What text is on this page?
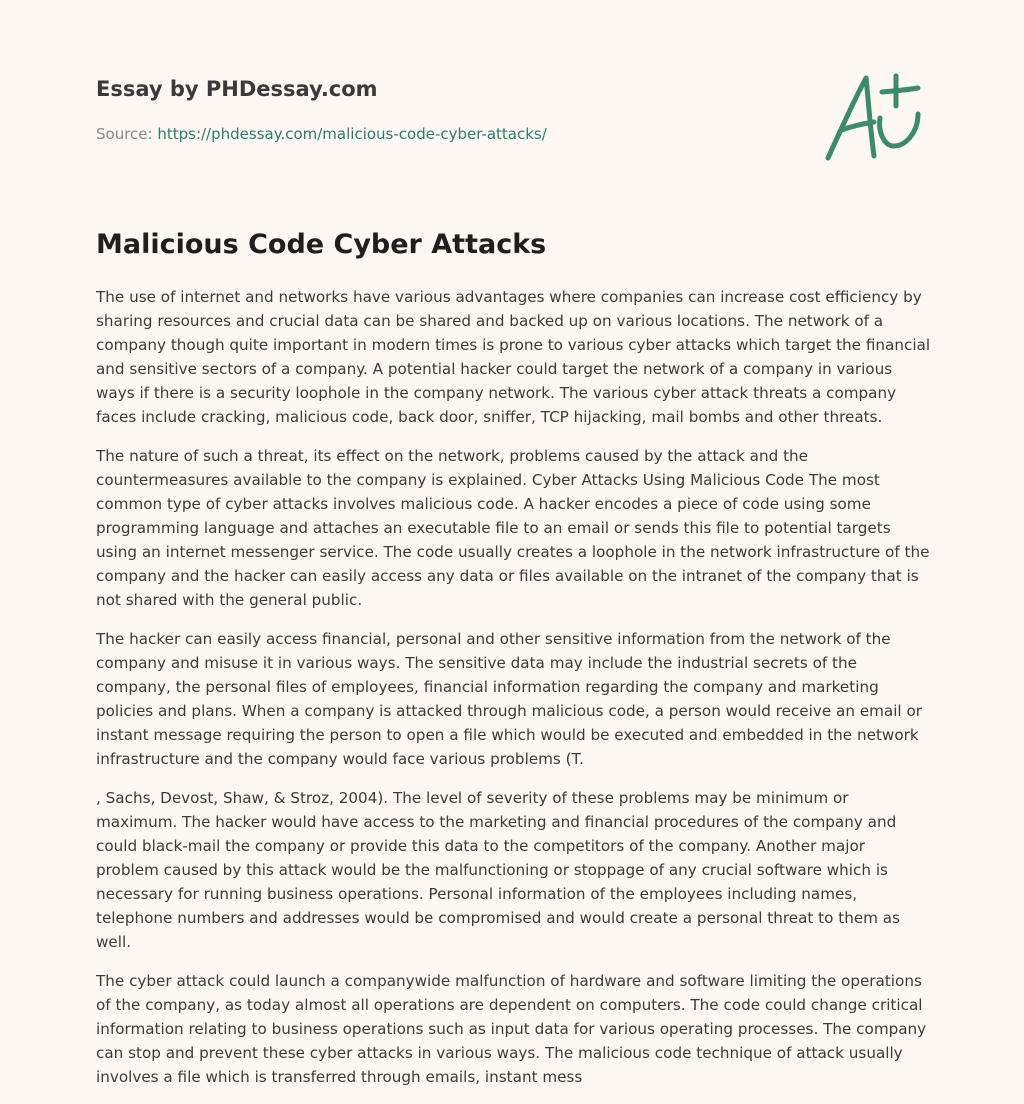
Essay by PHDessay.com
Source: https://phdessay.com/malicious-code-cyber-attacks/
Malicious Code Cyber Attacks

The use of internet and networks have various advantages where companies can increase cost efficiency by sharing resources and crucial data can be shared and backed up on various locations. The network of a company though quite important in modern times is prone to various cyber attacks which target the financial and sensitive sectors of a company. A potential hacker could target the network of a company in various ways if there is a security loophole in the company network. The various cyber attack threats a company faces include cracking, malicious code, back door, sniffer, TCP hijacking, mail bombs and other threats.

The nature of such a threat, its effect on the network, problems caused by the attack and the countermeasures available to the company is explained. Cyber Attacks Using Malicious Code The most common type of cyber attacks involves malicious code. A hacker encodes a piece of code using some programming language and attaches an executable file to an email or sends this file to potential targets using an internet messenger service. The code usually creates a loophole in the network infrastructure of the company and the hacker can easily access any data or files available on the intranet of the company that is not shared with the general public.

The hacker can easily access financial, personal and other sensitive information from the network of the company and misuse it in various ways. The sensitive data may include the industrial secrets of the company, the personal files of employees, financial information regarding the company and marketing policies and plans. When a company is attacked through malicious code, a person would receive an email or instant message requiring the person to open a file which would be executed and embedded in the network infrastructure and the company would face various problems (T.

, Sachs, Devost, Shaw, & Stroz, 2004). The level of severity of these problems may be minimum or maximum. The hacker would have access to the marketing and financial procedures of the company and could black-mail the company or provide this data to the competitors of the company. Another major problem caused by this attack would be the malfunctioning or stoppage of any crucial software which is necessary for running business operations. Personal information of the employees including names, telephone numbers and addresses would be compromised and would create a personal threat to them as well.

The cyber attack could launch a companywide malfunction of hardware and software limiting the operations of the company, as today almost all operations are dependent on computers. The code could change critical information relating to business operations such as input data for various operating processes. The company can stop and prevent these cyber attacks in various ways. The malicious code technique of attack usually involves a file which is transferred through emails, instant mess
